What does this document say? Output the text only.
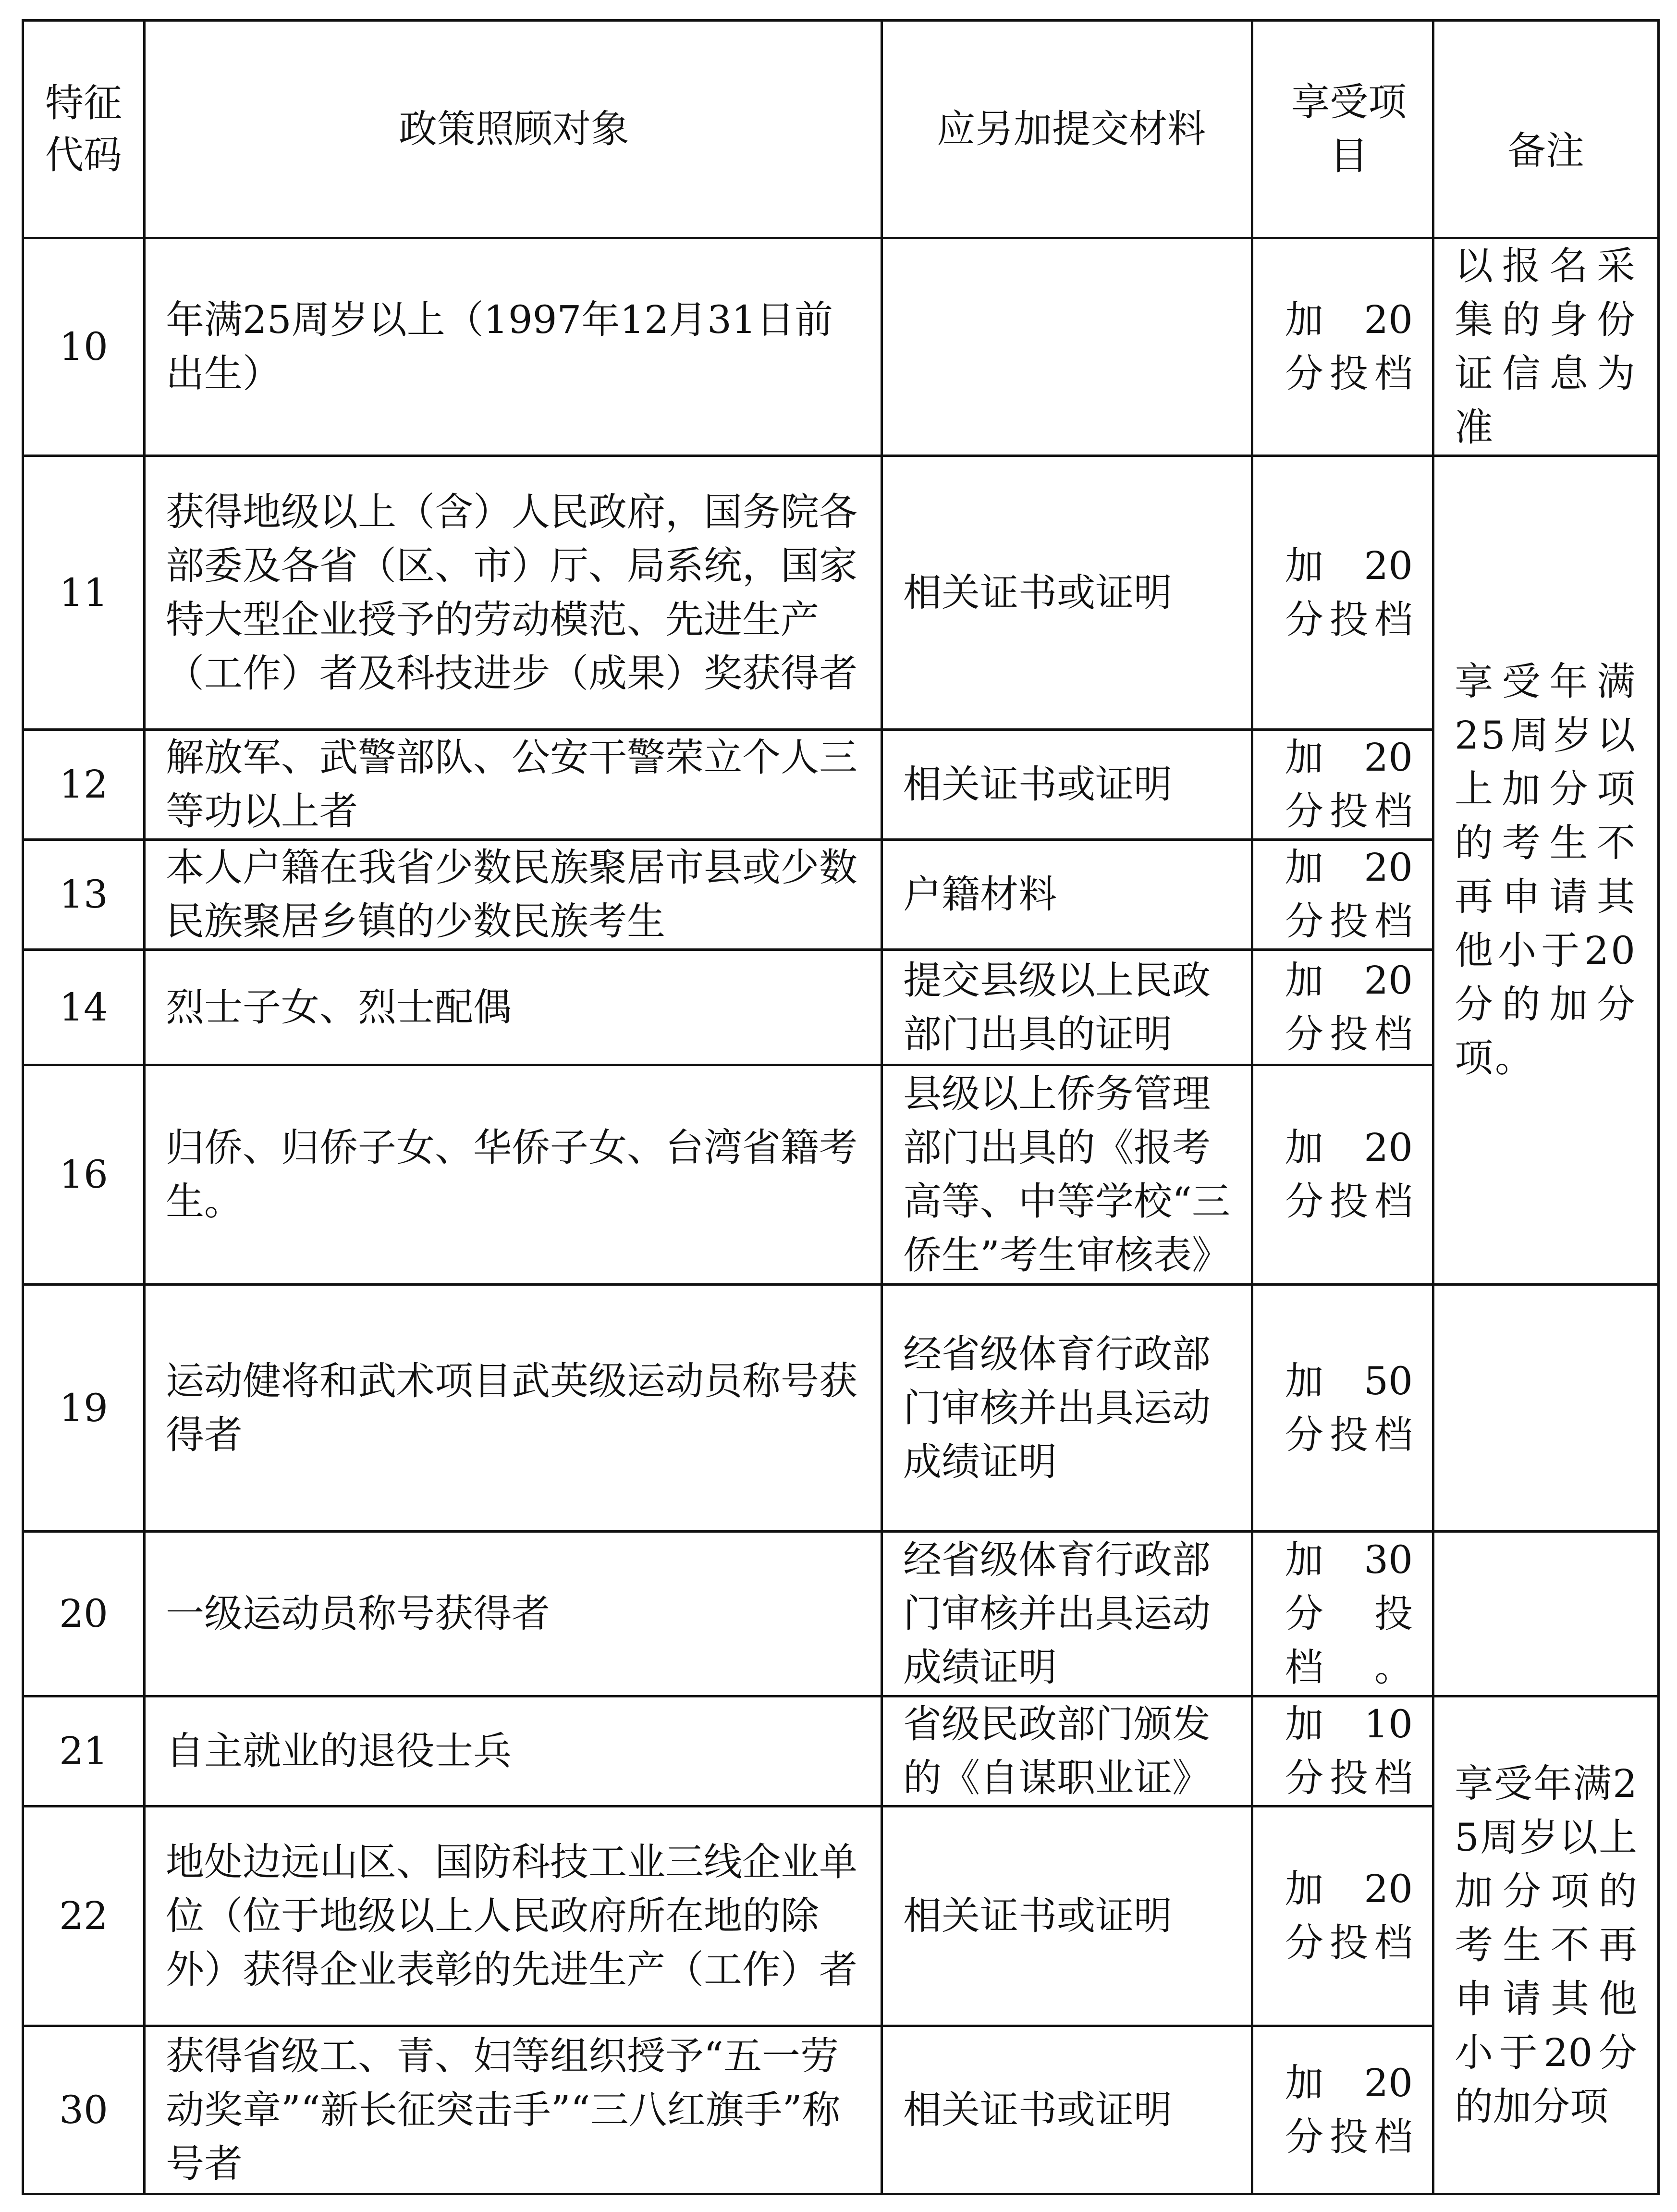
特征代码	政策照顾对象	应另加提交材料	享受项目	备注
10	年满25周岁以上（1997年12月31日前出生）		加 20分投档	以报名采集的身份证信息为准
11	获得地级以上（含）人民政府，国务院各部委及各省（区、市）厅、局系统，国家特大型企业授予的劳动模范、先进生产（工作）者及科技进步（成果）奖获得者	相关证书或证明	加 20分投档	享受年满25周岁以上加分项的考生不再申请其他小于20分的加分项。
12	解放军、武警部队、公安干警荣立个人三等功以上者	相关证书或证明	加 20分投档	
13	本人户籍在我省少数民族聚居市县或少数民族聚居乡镇的少数民族考生	户籍材料	加 20分投档	
14	烈士子女、烈士配偶	提交县级以上民政部门出具的证明	加 20分投档	
16	归侨、归侨子女、华侨子女、台湾省籍考生。	县级以上侨务管理部门出具的《报考高等、中等学校“三侨生”考生审核表》	加 20分投档	
19	运动健将和武术项目武英级运动员称号获得者	经省级体育行政部门审核并出具运动成绩证明	加 50分投档	
20	一级运动员称号获得者	经省级体育行政部门审核并出具运动成绩证明	加 30分 投档。	
21	自主就业的退役士兵	省级民政部门颁发的《自谋职业证》	加 10分投档	享受年满25周岁以上加分项的考生不再申请其他小于20分的加分项
22	地处边远山区、国防科技工业三线企业单位（位于地级以上人民政府所在地的除外）获得企业表彰的先进生产（工作）者	相关证书或证明	加 20分投档	
30	获得省级工、青、妇等组织授予“五一劳动奖章”“新长征突击手”“三八红旗手”称号者	相关证书或证明	加 20分投档	
